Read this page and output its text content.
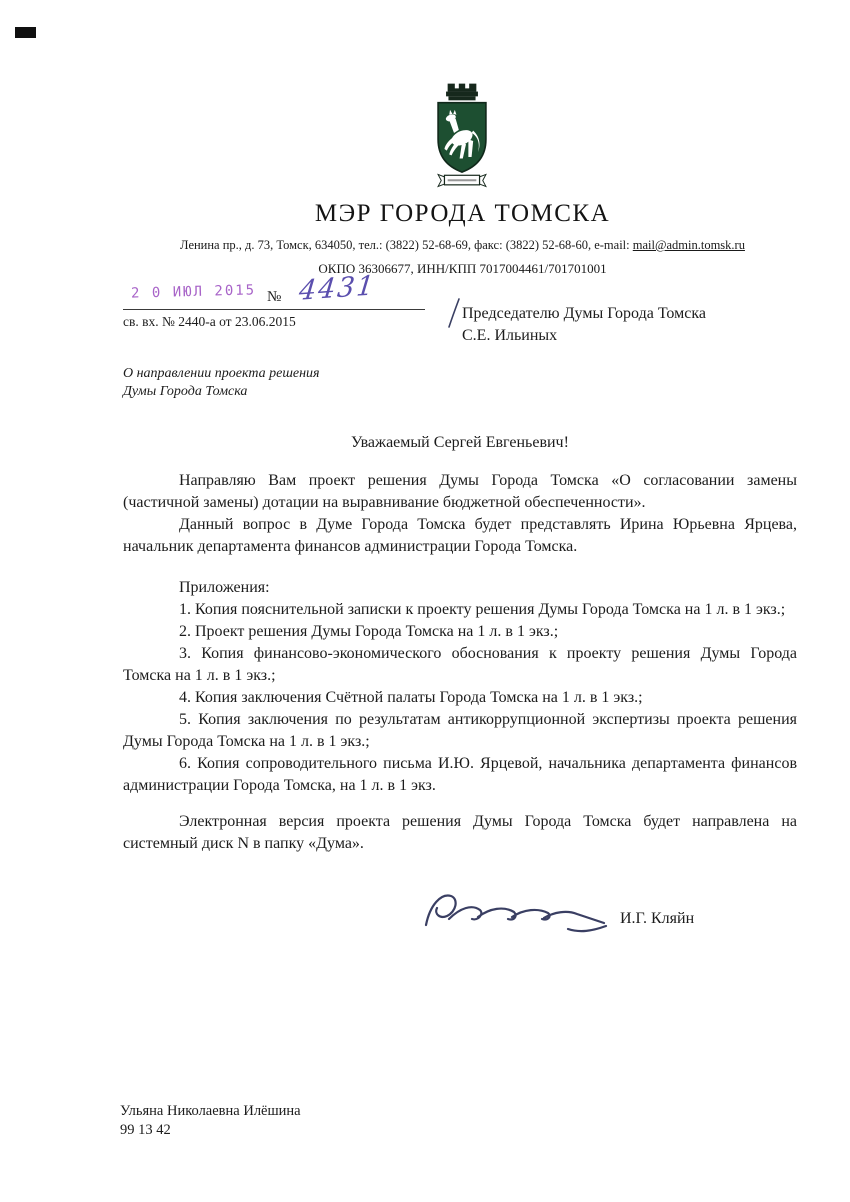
МЭР ГОРОДА ТОМСКА
Ленина пр., д. 73, Томск, 634050, тел.: (3822) 52-68-69, факс: (3822) 52-68-60, e-mail: mail@admin.tomsk.ru
ОКПО 36306677, ИНН/КПП 7017004461/701701001
2 0 ИЮЛ 2015 № 4431
св. вх. № 2440-а от 23.06.2015	Председателю Думы Города Томска
С.Е. Ильиных
О направлении проекта решения
Думы Города Томска

Уважаемый Сергей Евгеньевич!

Направляю Вам проект решения Думы Города Томска «О согласовании замены (частичной замены) дотации на выравнивание бюджетной обеспеченности».

Данный вопрос в Думе Города Томска будет представлять Ирина Юрьевна Ярцева, начальник департамента финансов администрации Города Томска.

Приложения:

1. Копия пояснительной записки к проекту решения Думы Города Томска на 1 л. в 1 экз.;

2. Проект решения Думы Города Томска на 1 л. в 1 экз.;

3. Копия финансово-экономического обоснования к проекту решения Думы Города Томска на 1 л. в 1 экз.;

4. Копия заключения Счётной палаты Города Томска на 1 л. в 1 экз.;

5. Копия заключения по результатам антикоррупционной экспертизы проекта решения Думы Города Томска на 1 л. в 1 экз.;

6. Копия сопроводительного письма И.Ю. Ярцевой, начальника департамента финансов администрации Города Томска, на 1 л. в 1 экз.

Электронная версия проекта решения Думы Города Томска будет направлена на системный диск N в папку «Дума».

И.Г. Кляйн
Ульяна Николаевна Илёшина
99 13 42
